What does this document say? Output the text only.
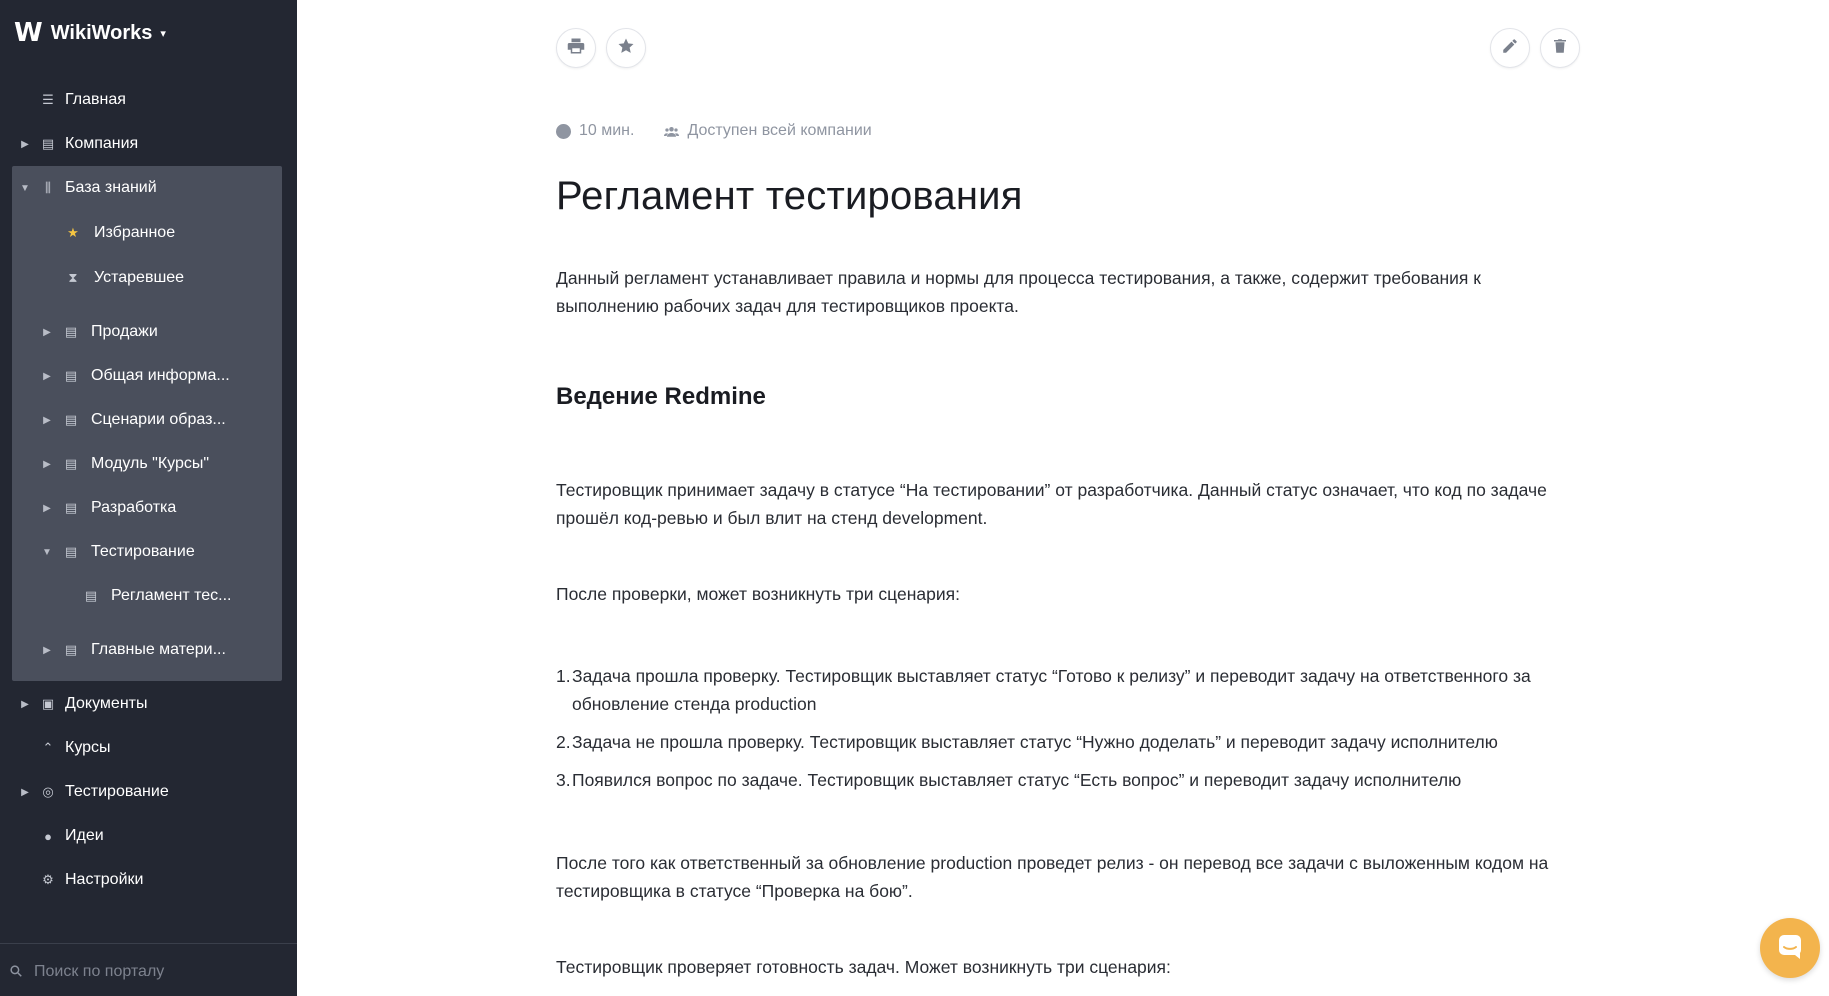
W WikiWorks ▾
☰ Главная
▶ ▤ Компания
▼	⫼ База знаний
★ Избранное
⧗ Устаревшее
▶ ▤ Продажи
▶ ▤ Общая информа...
▶ ▤ Сценарии образ...
▶ ▤ Модуль "Курсы"
▶ ▤ Разработка
▼ ▤ Тестирование
▤ Регламент тес...
▶ ▤ Главные матери...
▶ ▣ Документы
⌃ Курсы
▶ ◎ Тестирование
● Идеи
⚙ Настройки
Поиск по порталу
10 мин.	Доступен всей компании
Регламент тестирования

Данный регламент устанавливает правила и нормы для процесса тестирования, а также, содержит требования к выполнению рабочих задач для тестировщиков проекта.

Ведение Redmine

Тестировщик принимает задачу в статусе “На тестировании” от разработчика. Данный статус означает, что код по задаче прошёл код-ревью и был влит на стенд development.

После проверки, может возникнуть три сценария:

1. Задача прошла проверку. Тестировщик выставляет статус “Готово к релизу” и переводит задачу на ответственного за обновление стенда production
2. Задача не прошла проверку. Тестировщик выставляет статус “Нужно доделать” и переводит задачу исполнителю
3. Появился вопрос по задаче. Тестировщик выставляет статус “Есть вопрос” и переводит задачу исполнителю

После того как ответственный за обновление production проведет релиз - он перевод все задачи с выложенным кодом на тестировщика в статусе “Проверка на бою”.

Тестировщик проверяет готовность задач. Может возникнуть три сценария:
